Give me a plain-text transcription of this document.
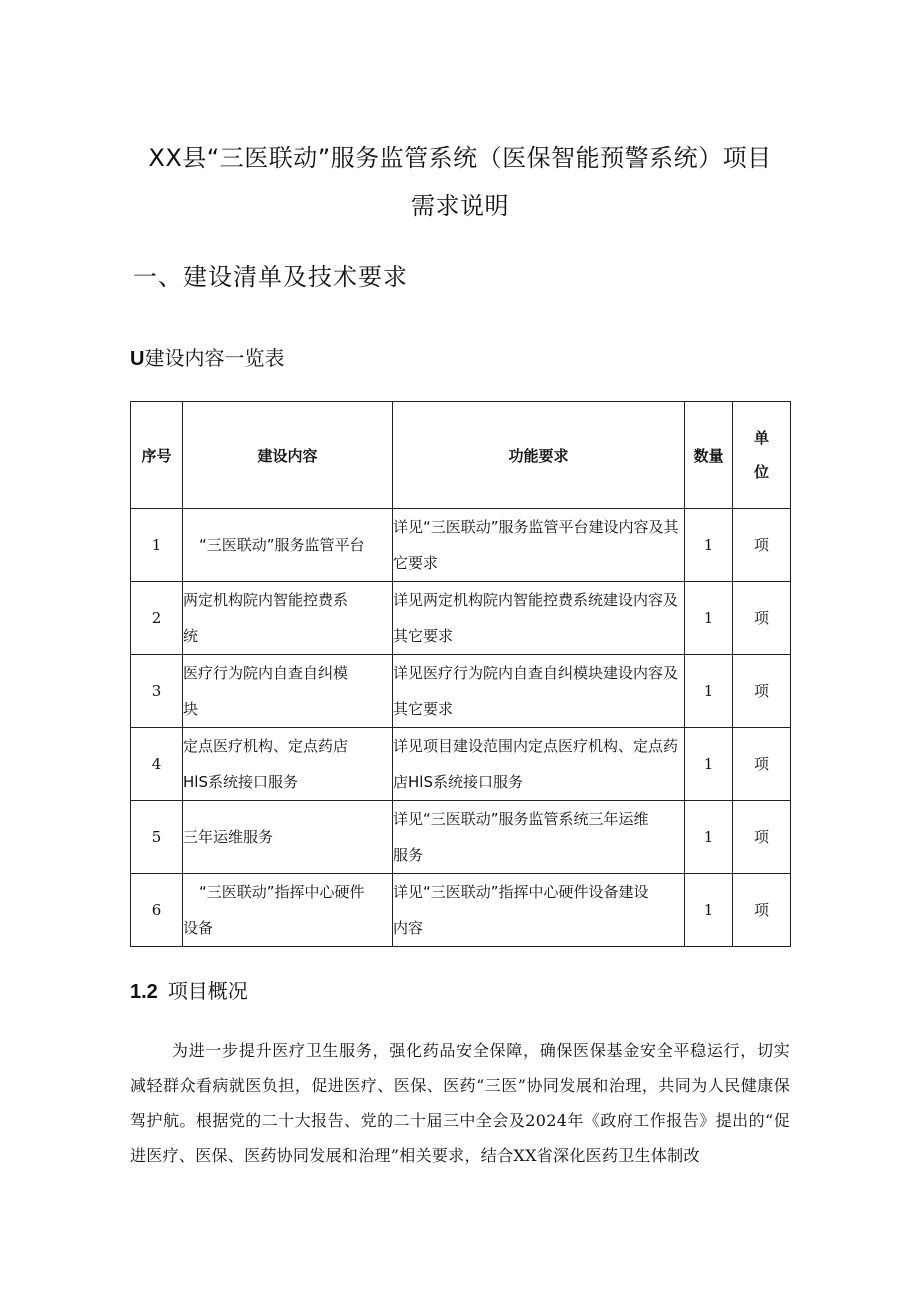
XX县“三医联动”服务监管系统（医保智能预警系统）项目
需求说明
一、建设清单及技术要求

U建设内容一览表

序号	建设内容	功能要求	数量	单位

1	“三医联动”服务监管平台	详见“三医联动”服务监管平台建设内容及其它要求	1	项
2	两定机构院内智能控费系统	详见两定机构院内智能控费系统建设内容及其它要求	1	项
3	医疗行为院内自查自纠模块	详见医疗行为院内自查自纠模块建设内容及其它要求	1	项
4	定点医疗机构、定点药店HlS系统接口服务	详见项目建设范围内定点医疗机构、定点药店HlS系统接口服务	1	项
5	三年运维服务	详见“三医联动”服务监管系统三年运维服务	1	项
6	“三医联动”指挥中心硬件设备	详见“三医联动”指挥中心硬件设备建设内容	1	项

1.2 项目概况

为进一步提升医疗卫生服务，强化药品安全保障，确保医保基金安全平稳运行，切实减轻群众看病就医负担，促进医疗、医保、医药“三医”协同发展和治理，共同为人民健康保驾护航。根据党的二十大报告、党的二十届三中全会及2024年《政府工作报告》提出的“促进医疗、医保、医药协同发展和治理”相关要求，结合XX省深化医药卫生体制改
